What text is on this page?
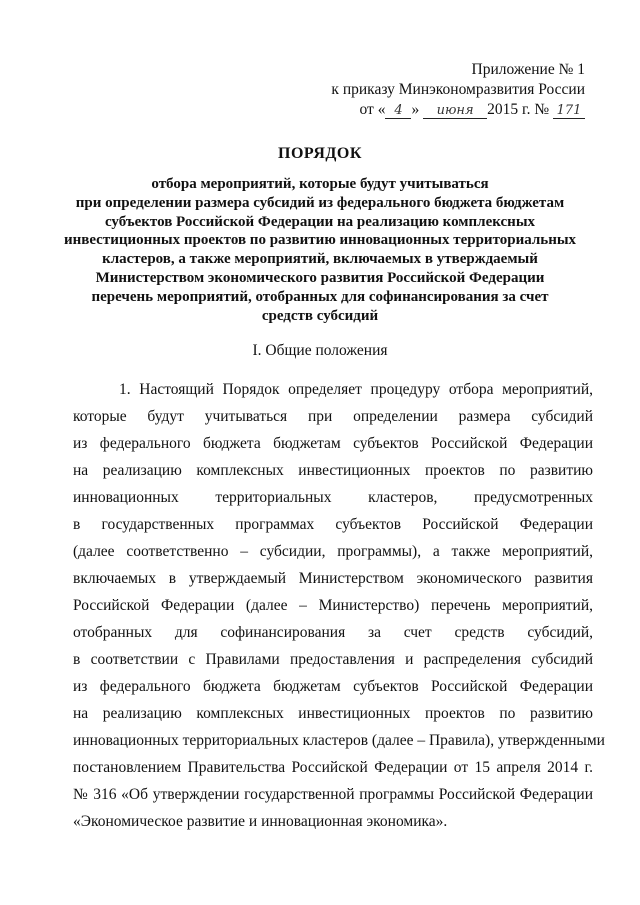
Приложение № 1
к приказу Минэкономразвития России
от « 4 » июня 2015 г. № 171
ПОРЯДОК
отбора мероприятий, которые будут учитываться
при определении размера субсидий из федерального бюджета бюджетам
субъектов Российской Федерации на реализацию комплексных
инвестиционных проектов по развитию инновационных территориальных
кластеров, а также мероприятий, включаемых в утверждаемый
Министерством экономического развития Российской Федерации
перечень мероприятий, отобранных для софинансирования за счет
средств субсидий
I. Общие положения
1. Настоящий Порядок определяет процедуру отбора мероприятий,
которые будут учитываться при определении размера субсидий
из федерального бюджета бюджетам субъектов Российской Федерации
на реализацию комплексных инвестиционных проектов по развитию
инновационных территориальных кластеров, предусмотренных
в государственных программах субъектов Российской Федерации
(далее соответственно – субсидии, программы), а также мероприятий,
включаемых в утверждаемый Министерством экономического развития
Российской Федерации (далее – Министерство) перечень мероприятий,
отобранных для софинансирования за счет средств субсидий,
в соответствии с Правилами предоставления и распределения субсидий
из федерального бюджета бюджетам субъектов Российской Федерации
на реализацию комплексных инвестиционных проектов по развитию
инновационных территориальных кластеров (далее – Правила), утвержденными
постановлением Правительства Российской Федерации от 15 апреля 2014 г.
№ 316 «Об утверждении государственной программы Российской Федерации
«Экономическое развитие и инновационная экономика».
